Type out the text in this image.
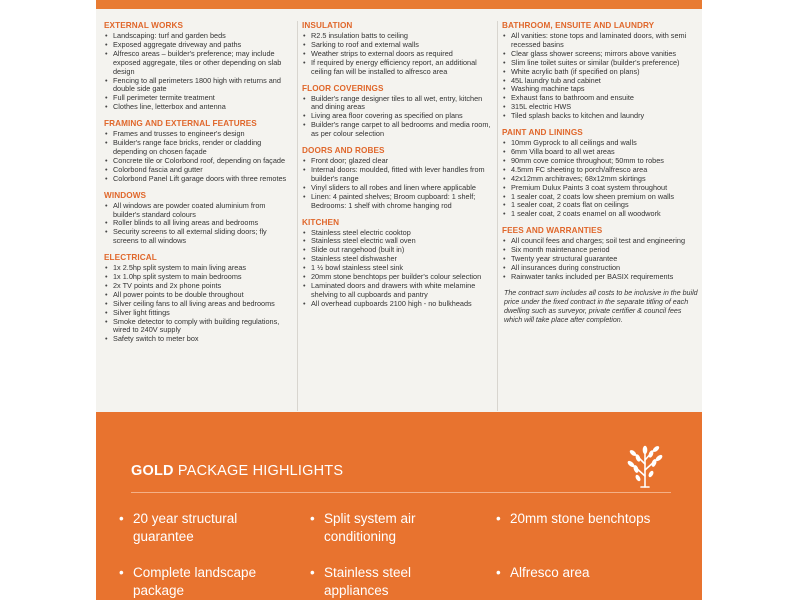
EXTERNAL WORKS
• Landscaping: turf and garden beds
• Exposed aggregate driveway and paths
• Alfresco areas – builder's preference; may include exposed aggregate, tiles or other depending on slab design
• Fencing to all perimeters 1800 high with returns and double side gate
• Full perimeter termite treatment
• Clothes line, letterbox and antenna
FRAMING AND EXTERNAL FEATURES
• Frames and trusses to engineer's design
• Builder's range face bricks, render or cladding depending on chosen façade
• Concrete tile or Colorbond roof, depending on façade
• Colorbond fascia and gutter
• Colorbond Panel Lift garage doors with three remotes
WINDOWS
• All windows are powder coated aluminium from builder's standard colours
• Roller blinds to all living areas and bedrooms
• Security screens to all external sliding doors; fly screens to all windows
ELECTRICAL
• 1x 2.5hp split system to main living areas
• 1x 1.0hp split system to main bedrooms
• 2x TV points and 2x phone points
• All power points to be double throughout
• Silver ceiling fans to all living areas and bedrooms
• Silver light fittings
• Smoke detector to comply with building regulations, wired to 240V supply
• Safety switch to meter box
INSULATION
• R2.5 insulation batts to ceiling
• Sarking to roof and external walls
• Weather strips to external doors as required
• If required by energy efficiency report, an additional ceiling fan will be installed to alfresco area
FLOOR COVERINGS
• Builder's range designer tiles to all wet, entry, kitchen and dining areas
• Living area floor covering as specified on plans
• Builder's range carpet to all bedrooms and media room, as per colour selection
DOORS AND ROBES
• Front door; glazed clear
• Internal doors: moulded, fitted with lever handles from builder's range
• Vinyl sliders to all robes and linen where applicable
• Linen: 4 painted shelves; Broom cupboard: 1 shelf; Bedrooms: 1 shelf with chrome hanging rod
KITCHEN
• Stainless steel electric cooktop
• Stainless steel electric wall oven
• Slide out rangehood (built in)
• Stainless steel dishwasher
• 1 ½ bowl stainless steel sink
• 20mm stone benchtops per builder's colour selection
• Laminated doors and drawers with white melamine shelving to all cupboards and pantry
• All overhead cupboards 2100 high - no bulkheads
BATHROOM, ENSUITE AND LAUNDRY
• All vanities: stone tops and laminated doors, with semi recessed basins
• Clear glass shower screens; mirrors above vanities
• Slim line toilet suites or similar (builder's preference)
• White acrylic bath (if specified on plans)
• 45L laundry tub and cabinet
• Washing machine taps
• Exhaust fans to bathroom and ensuite
• 315L electric HWS
• Tiled splash backs to kitchen and laundry
PAINT AND LININGS
• 10mm Gyprock to all ceilings and walls
• 6mm Villa board to all wet areas
• 90mm cove cornice throughout; 50mm to robes
• 4.5mm FC sheeting to porch/alfresco area
• 42x12mm architraves; 68x12mm skirtings
• Premium Dulux Paints 3 coat system throughout
• 1 sealer coat, 2 coats low sheen premium on walls
• 1 sealer coat, 2 coats flat on ceilings
• 1 sealer coat, 2 coats enamel on all woodwork
FEES AND WARRANTIES
• All council fees and charges; soil test and engineering
• Six month maintenance period
• Twenty year structural guarantee
• All insurances during construction
• Rainwater tanks included per BASIX requirements
The contract sum includes all costs to be inclusive in the build price under the fixed contract in the separate titling of each dwelling such as surveyor, private certifier & council fees which will take place after completion.
GOLD PACKAGE HIGHLIGHTS
• 20 year structural guarantee
• Split system air conditioning
• 20mm stone benchtops
• Complete landscape package
• Stainless steel appliances
• Alfresco area
